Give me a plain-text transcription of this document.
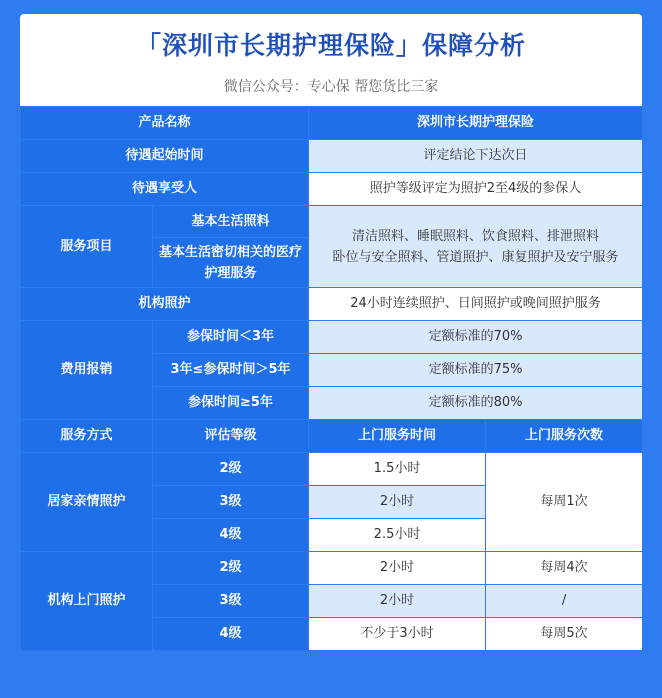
「深圳市长期护理保险」保障分析
微信公众号：专心保 帮您货比三家
产品名称		深圳市长期护理保险	
待遇起始时间		评定结论下达次日	
待遇享受人		照护等级评定为照护2至4级的参保人	
服务项目	基本生活照料	清洁照料、睡眠照料、饮食照料、排泄照料
卧位与安全照料、管道照护、康复照护及安宁服务	

	基本生活密切相关的医疗护理服务		
机构照护		24小时连续照护、日间照护或晚间照护服务	
费用报销	参保时间＜3年	定额标准的70%	
	3年≤参保时间＞5年	定额标准的75%	
	参保时间≥5年	定额标准的80%	
服务方式	评估等级	上门服务时间	上门服务次数
居家亲情照护	2级	1.5小时	每周1次
	3级	2小时	
	4级	2.5小时	
机构上门照护	2级	2小时	每周4次
	3级	2小时	/
	4级	不少于3小时	每周5次
